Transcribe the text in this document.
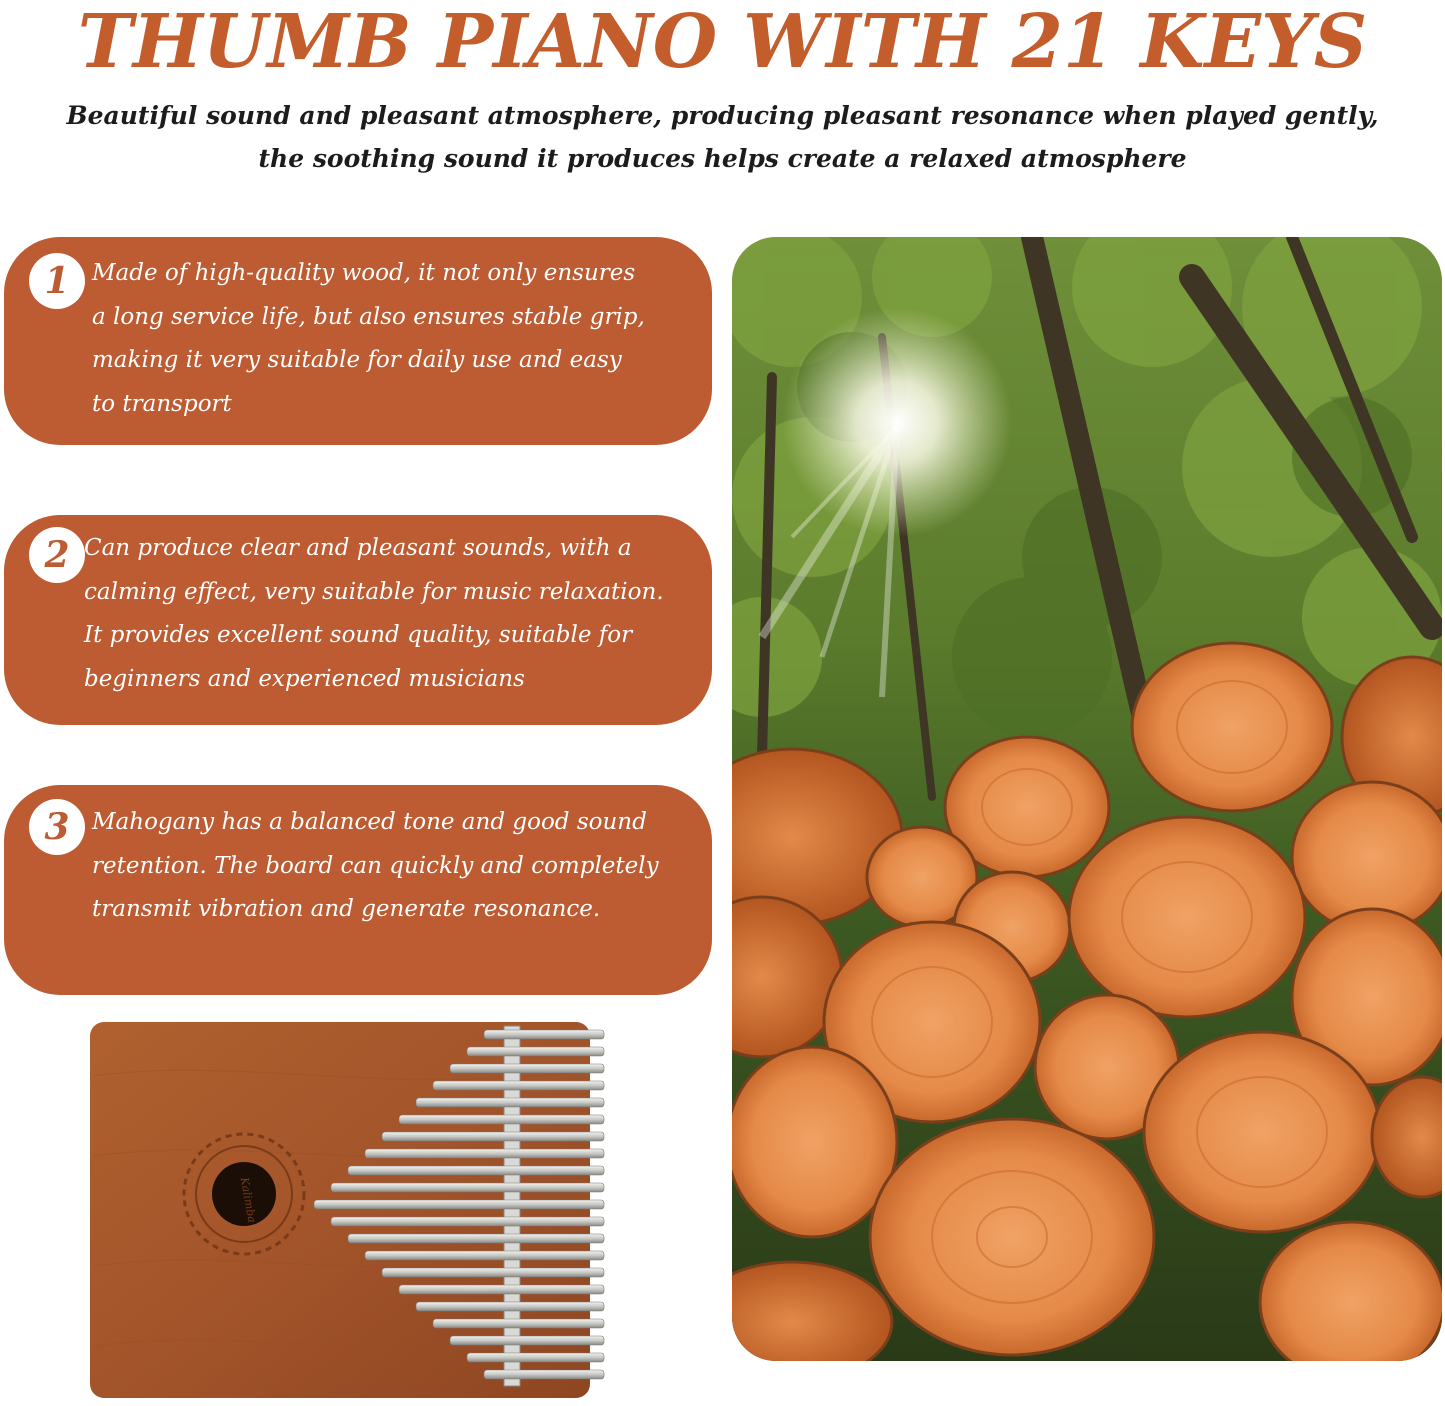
THUMB PIANO WITH 21 KEYS

Beautiful sound and pleasant atmosphere, producing pleasant resonance when played gently, the soothing sound it produces helps create a relaxed atmosphere

1 Made of high-quality wood, it not only ensures
a long service life, but also ensures stable grip,
making it very suitable for daily use and easy
to transport

2 Can produce clear and pleasant sounds, with a
calming effect, very suitable for music relaxation.
It provides excellent sound quality, suitable for
beginners and experienced musicians

3 Mahogany has a balanced tone and good sound
retention. The board can quickly and completely
transmit vibration and generate resonance.

Kalimba
